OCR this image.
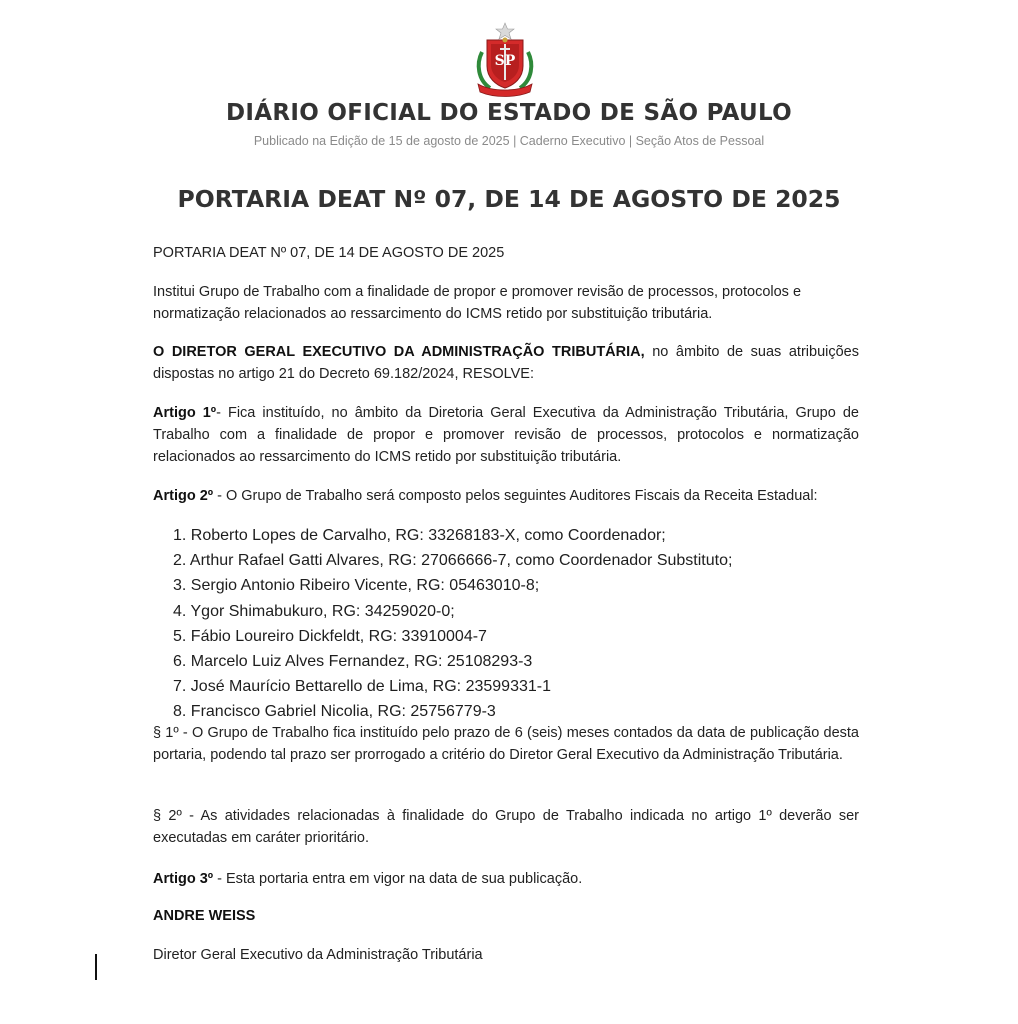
SP
DIÁRIO OFICIAL DO ESTADO DE SÃO PAULO
Publicado na Edição de 15 de agosto de 2025 | Caderno Executivo | Seção Atos de Pessoal
PORTARIA DEAT Nº 07, DE 14 DE AGOSTO DE 2025
PORTARIA DEAT Nº 07, DE 14 DE AGOSTO DE 2025
Institui Grupo de Trabalho com a finalidade de propor e promover revisão de processos, protocolos e normatização relacionados ao ressarcimento do ICMS retido por substituição tributária.
O DIRETOR GERAL EXECUTIVO DA ADMINISTRAÇÃO TRIBUTÁRIA, no âmbito de suas atribuições dispostas no artigo 21 do Decreto 69.182/2024, RESOLVE:
Artigo 1º- Fica instituído, no âmbito da Diretoria Geral Executiva da Administração Tributária, Grupo de Trabalho com a finalidade de propor e promover revisão de processos, protocolos e normatização relacionados ao ressarcimento do ICMS retido por substituição tributária.
Artigo 2º - O Grupo de Trabalho será composto pelos seguintes Auditores Fiscais da Receita Estadual:
1. Roberto Lopes de Carvalho, RG: 33268183-X, como Coordenador;
2. Arthur Rafael Gatti Alvares, RG: 27066666-7, como Coordenador Substituto;
3. Sergio Antonio Ribeiro Vicente, RG: 05463010-8;
4. Ygor Shimabukuro, RG: 34259020-0;
5. Fábio Loureiro Dickfeldt, RG: 33910004-7
6. Marcelo Luiz Alves Fernandez, RG: 25108293-3
7. José Maurício Bettarello de Lima, RG: 23599331-1
8. Francisco Gabriel Nicolia, RG: 25756779-3
§ 1º - O Grupo de Trabalho fica instituído pelo prazo de 6 (seis) meses contados da data de publicação desta portaria, podendo tal prazo ser prorrogado a critério do Diretor Geral Executivo da Administração Tributária.
§ 2º - As atividades relacionadas à finalidade do Grupo de Trabalho indicada no artigo 1º deverão ser executadas em caráter prioritário.
Artigo 3º - Esta portaria entra em vigor na data de sua publicação.
ANDRE WEISS
Diretor Geral Executivo da Administração Tributária
